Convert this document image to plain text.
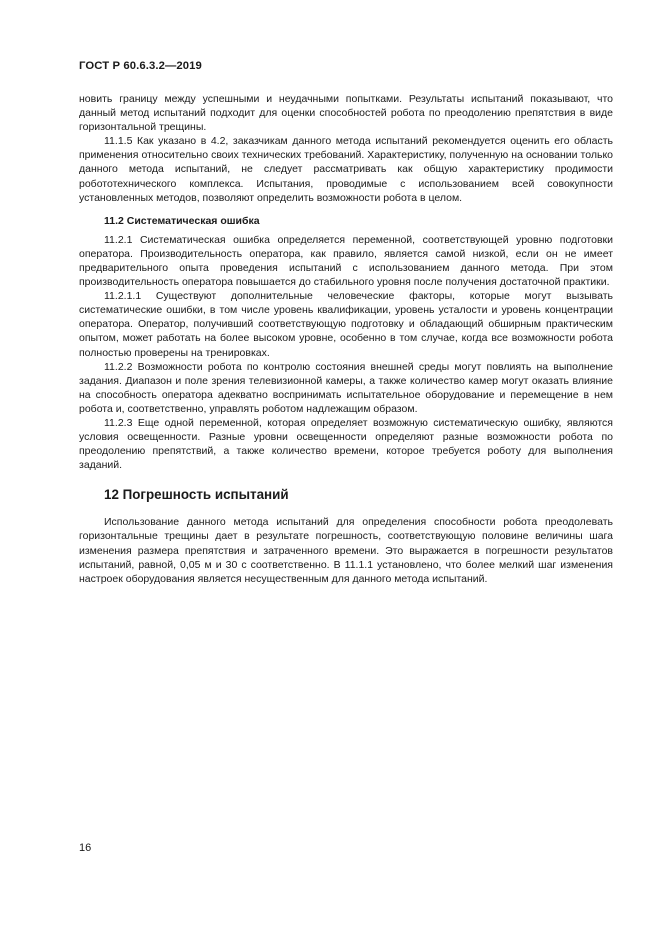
ГОСТ Р 60.6.3.2—2019

новить границу между успешными и неудачными попытками. Результаты испытаний показывают, что данный метод испытаний подходит для оценки способностей робота по преодолению препятствия в виде горизонтальной трещины.

11.1.5 Как указано в 4.2, заказчикам данного метода испытаний рекомендуется оценить его область применения относительно своих технических требований. Характеристику, полученную на основании только данного метода испытаний, не следует рассматривать как общую характеристику продимости робототехнического комплекса. Испытания, проводимые с использованием всей совокупности установленных методов, позволяют определить возможности робота в целом.

11.2 Систематическая ошибка

11.2.1 Систематическая ошибка определяется переменной, соответствующей уровню подготовки оператора. Производительность оператора, как правило, является самой низкой, если он не имеет предварительного опыта проведения испытаний с использованием данного метода. При этом производительность оператора повышается до стабильного уровня после получения достаточной практики.

11.2.1.1 Существуют дополнительные человеческие факторы, которые могут вызывать систематические ошибки, в том числе уровень квалификации, уровень усталости и уровень концентрации оператора. Оператор, получивший соответствующую подготовку и обладающий обширным практическим опытом, может работать на более высоком уровне, особенно в том случае, когда все возможности робота полностью проверены на тренировках.

11.2.2 Возможности робота по контролю состояния внешней среды могут повлиять на выполнение задания. Диапазон и поле зрения телевизионной камеры, а также количество камер могут оказать влияние на способность оператора адекватно воспринимать испытательное оборудование и перемещение в нем робота и, соответственно, управлять роботом надлежащим образом.

11.2.3 Еще одной переменной, которая определяет возможную систематическую ошибку, являются условия освещенности. Разные уровни освещенности определяют разные возможности робота по преодолению препятствий, а также количество времени, которое требуется роботу для выполнения заданий.

12 Погрешность испытаний

Использование данного метода испытаний для определения способности робота преодолевать горизонтальные трещины дает в результате погрешность, соответствующую половине величины шага изменения размера препятствия и затраченного времени. Это выражается в погрешности результатов испытаний, равной, 0,05 м и 30 с соответственно. В 11.1.1 установлено, что более мелкий шаг изменения настроек оборудования является несущественным для данного метода испытаний.

16
